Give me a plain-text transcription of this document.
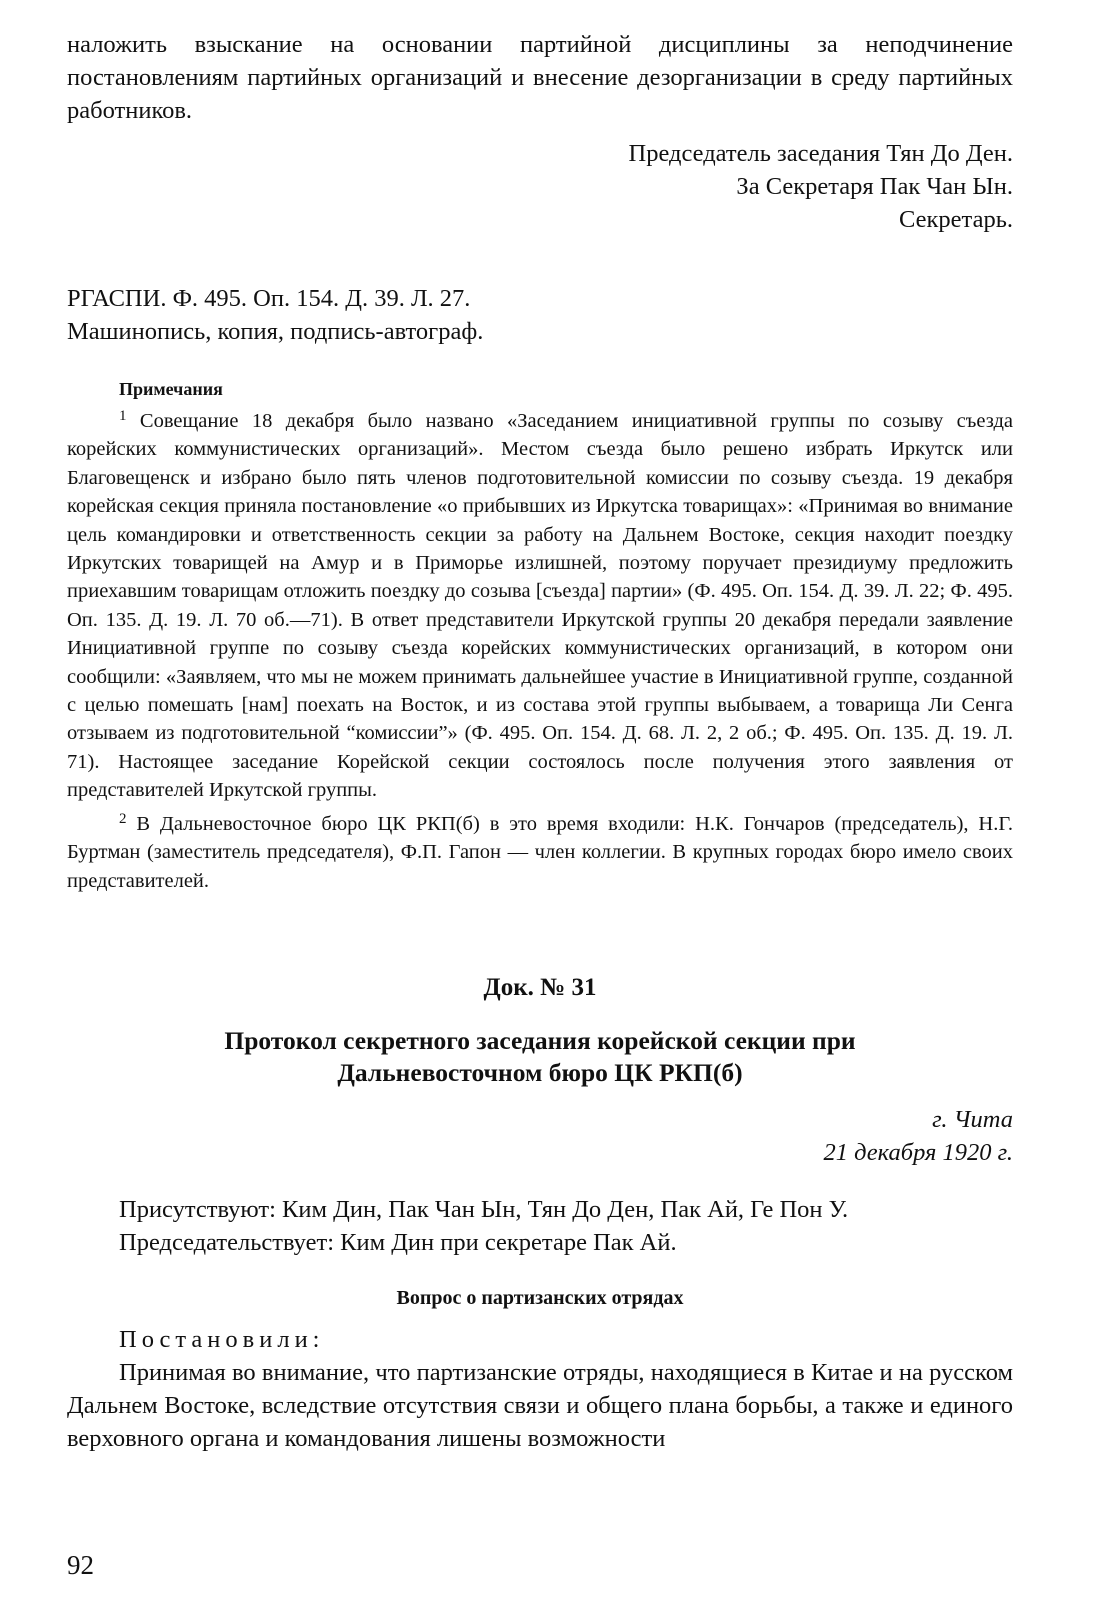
наложить взыскание на основании партийной дисциплины за неподчинение постановлениям партийных организаций и внесение дезорганизации в среду партийных работников.

Председатель заседания Тян До Ден.
За Секретаря Пак Чан Ын.
Секретарь.
РГАСПИ. Ф. 495. Оп. 154. Д. 39. Л. 27.
Машинопись, копия, подпись-автограф.
Примечания

$^1$ Совещание 18 декабря было названо «Заседанием инициативной группы по созыву съезда корейских коммунистических организаций». Местом съезда было решено избрать Иркутск или Благовещенск и избрано было пять членов подготовительной комиссии по созыву съезда. 19 декабря корейская секция приняла постановление «о прибывших из Иркутска товарищах»: «Принимая во внимание цель командировки и ответственность секции за работу на Дальнем Востоке, секция находит поездку Иркутских товарищей на Амур и в Приморье излишней, поэтому поручает президиуму предложить приехавшим товарищам отложить поездку до созыва [съезда] партии» (Ф. 495. Оп. 154. Д. 39. Л. 22; Ф. 495. Оп. 135. Д. 19. Л. 70 об.—71). В ответ представители Иркутской группы 20 декабря передали заявление Инициативной группе по созыву съезда корейских коммунистических организаций, в котором они сообщили: «Заявляем, что мы не можем принимать дальнейшее участие в Инициативной группе, созданной с целью помешать [нам] поехать на Восток, и из состава этой группы выбываем, а товарища Ли Сенга отзываем из подготовительной “комиссии”» (Ф. 495. Оп. 154. Д. 68. Л. 2, 2 об.; Ф. 495. Оп. 135. Д. 19. Л. 71). Настоящее заседание Корейской секции состоялось после получения этого заявления от представителей Иркутской группы.

$^2$ В Дальневосточное бюро ЦК РКП(б) в это время входили: Н.К. Гончаров (председатель), Н.Г. Буртман (заместитель председателя), Ф.П. Гапон — член коллегии. В крупных городах бюро имело своих представителей.

Док. № 31
Протокол секретного заседания корейской секции при
Дальневосточном бюро ЦК РКП(б)
г. Чита
21 декабря 1920 г.
Присутствуют: Ким Дин, Пак Чан Ын, Тян До Ден, Пак Ай, Ге Пон У.
Председательствует: Ким Дин при секретаре Пак Ай.
Вопрос о партизанских отрядах
Постановили:

Принимая во внимание, что партизанские отряды, находящиеся в Китае и на русском Дальнем Востоке, вследствие отсутствия связи и общего плана борьбы, а также и единого верховного органа и командования лишены возможности

92
